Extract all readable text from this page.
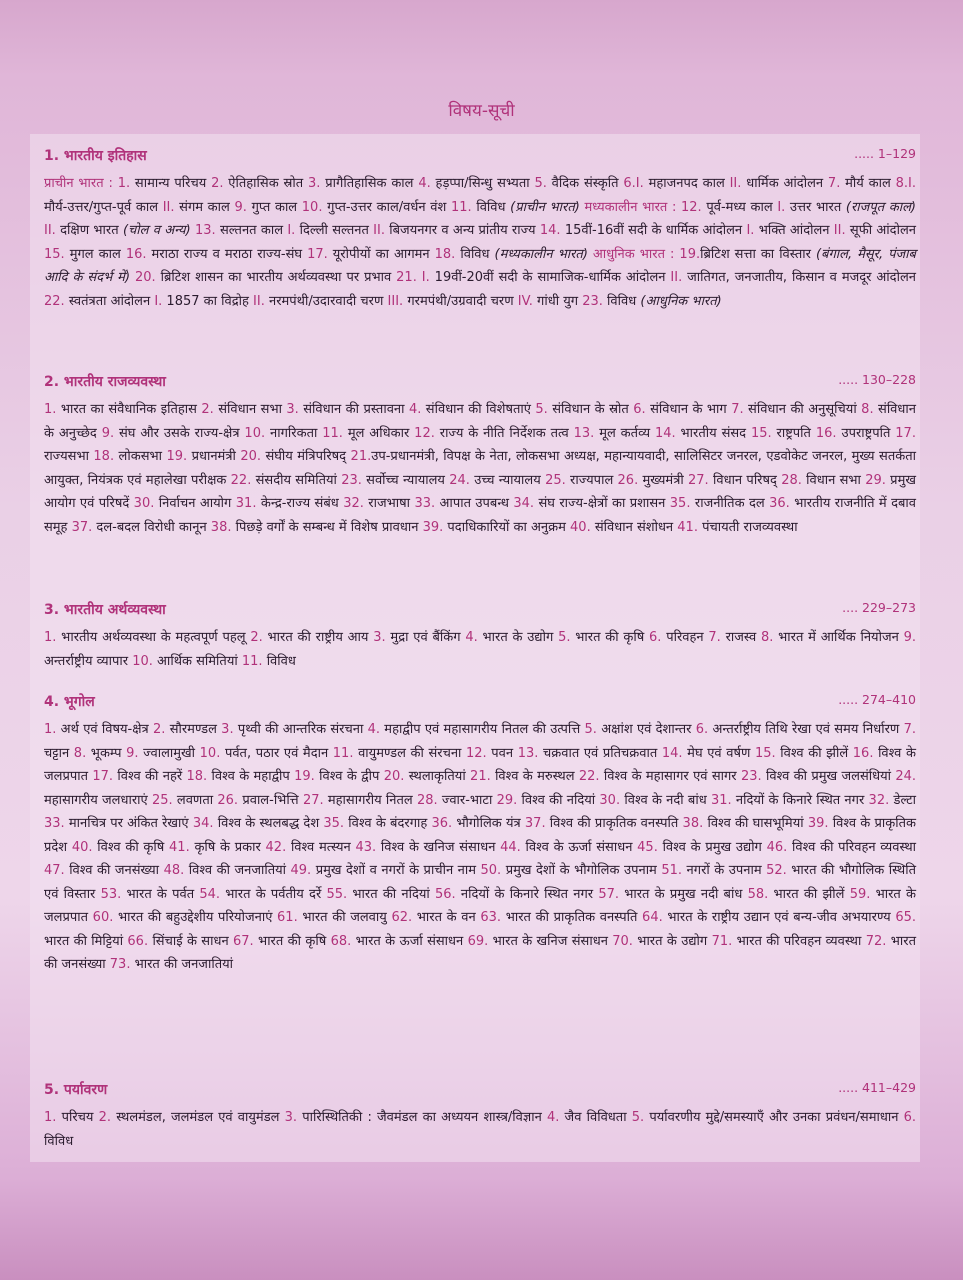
विषय-सूची
1. भारतीय इतिहास	..... 1–129
प्राचीन भारत : 1. सामान्य परिचय 2. ऐतिहासिक स्रोत 3. प्रागैतिहासिक काल 4. हड़प्पा/सिन्धु सभ्यता 5. वैदिक संस्कृति 6.I. महाजनपद काल II. धार्मिक आंदोलन 7. मौर्य काल 8.I. मौर्य-उत्तर/गुप्त-पूर्व काल II. संगम काल 9. गुप्त काल 10. गुप्त-उत्तर काल/वर्धन वंश 11. विविध (प्राचीन भारत) मध्यकालीन भारत : 12. पूर्व-मध्य काल I. उत्तर भारत (राजपूत काल) II. दक्षिण भारत (चोल व अन्य) 13. सल्तनत काल I. दिल्ली सल्तनत II. बिजयनगर व अन्य प्रांतीय राज्य 14. 15वीं-16वीं सदी के धार्मिक आंदोलन I. भक्ति आंदोलन II. सूफी आंदोलन 15. मुगल काल 16. मराठा राज्य व मराठा राज्य-संघ 17. यूरोपीयों का आगमन 18. विविध (मध्यकालीन भारत) आधुनिक भारत : 19.ब्रिटिश सत्ता का विस्तार (बंगाल, मैसूर, पंजाब आदि के संदर्भ में) 20. ब्रिटिश शासन का भारतीय अर्थव्यवस्था पर प्रभाव 21. I. 19वीं-20वीं सदी के सामाजिक-धार्मिक आंदोलन II. जातिगत, जनजातीय, किसान व मजदूर आंदोलन 22. स्वतंत्रता आंदोलन I. 1857 का विद्रोह II. नरमपंथी/उदारवादी चरण III. गरमपंथी/उग्रवादी चरण IV. गांधी युग 23. विविध (आधुनिक भारत)
2. भारतीय राजव्यवस्था	..... 130–228
1. भारत का संवैधानिक इतिहास 2. संविधान सभा 3. संविधान की प्रस्तावना 4. संविधान की विशेषताएं 5. संविधान के स्रोत 6. संविधान के भाग 7. संविधान की अनुसूचियां 8. संविधान के अनुच्छेद 9. संघ और उसके राज्य-क्षेत्र 10. नागरिकता 11. मूल अधिकार 12. राज्य के नीति निर्देशक तत्व 13. मूल कर्तव्य 14. भारतीय संसद 15. राष्ट्रपति 16. उपराष्ट्रपति 17. राज्यसभा 18. लोकसभा 19. प्रधानमंत्री 20. संघीय मंत्रिपरिषद् 21.उप-प्रधानमंत्री, विपक्ष के नेता, लोकसभा अध्यक्ष, महान्यायवादी, सालिसिटर जनरल, एडवोकेट जनरल, मुख्य सतर्कता आयुक्त, नियंत्रक एवं महालेखा परीक्षक 22. संसदीय समितियां 23. सर्वोच्च न्यायालय 24. उच्च न्यायालय 25. राज्यपाल 26. मुख्यमंत्री 27. विधान परिषद् 28. विधान सभा 29. प्रमुख आयोग एवं परिषदें 30. निर्वाचन आयोग 31. केन्द्र-राज्य संबंध 32. राजभाषा 33. आपात उपबन्ध 34. संघ राज्य-क्षेत्रों का प्रशासन 35. राजनीतिक दल 36. भारतीय राजनीति में दबाव समूह 37. दल-बदल विरोधी कानून 38. पिछड़े वर्गों के सम्बन्ध में विशेष प्रावधान 39. पदाधिकारियों का अनुक्रम 40. संविधान संशोधन 41. पंचायती राजव्यवस्था
3. भारतीय अर्थव्यवस्था	.... 229–273
1. भारतीय अर्थव्यवस्था के महत्वपूर्ण पहलू 2. भारत की राष्ट्रीय आय 3. मुद्रा एवं बैंकिंग 4. भारत के उद्योग 5. भारत की कृषि 6. परिवहन 7. राजस्व 8. भारत में आर्थिक नियोजन 9. अन्तर्राष्ट्रीय व्यापार 10. आर्थिक समितियां 11. विविध
4. भूगोल	..... 274–410
1. अर्थ एवं विषय-क्षेत्र 2. सौरमण्डल 3. पृथ्वी की आन्तरिक संरचना 4. महाद्वीप एवं महासागरीय नितल की उत्पत्ति 5. अक्षांश एवं देशान्तर 6. अन्तर्राष्ट्रीय तिथि रेखा एवं समय निर्धारण 7. चट्टान 8. भूकम्प 9. ज्वालामुखी 10. पर्वत, पठार एवं मैदान 11. वायुमण्डल की संरचना 12. पवन 13. चक्रवात एवं प्रतिचक्रवात 14. मेघ एवं वर्षण 15. विश्व की झीलें 16. विश्व के जलप्रपात 17. विश्व की नहरें 18. विश्व के महाद्वीप 19. विश्व के द्वीप 20. स्थलाकृतियां 21. विश्व के मरुस्थल 22. विश्व के महासागर एवं सागर 23. विश्व की प्रमुख जलसंधियां 24. महासागरीय जलधाराएं 25. लवणता 26. प्रवाल-भित्ति 27. महासागरीय नितल 28. ज्वार-भाटा 29. विश्व की नदियां 30. विश्व के नदी बांध 31. नदियों के किनारे स्थित नगर 32. डेल्टा 33. मानचित्र पर अंकित रेखाएं 34. विश्व के स्थलबद्ध देश 35. विश्व के बंदरगाह 36. भौगोलिक यंत्र 37. विश्व की प्राकृतिक वनस्पति 38. विश्व की घासभूमियां 39. विश्व के प्राकृतिक प्रदेश 40. विश्व की कृषि 41. कृषि के प्रकार 42. विश्व मत्स्यन 43. विश्व के खनिज संसाधन 44. विश्व के ऊर्जा संसाधन 45. विश्व के प्रमुख उद्योग 46. विश्व की परिवहन व्यवस्था 47. विश्व की जनसंख्या 48. विश्व की जनजातियां 49. प्रमुख देशों व नगरों के प्राचीन नाम 50. प्रमुख देशों के भौगोलिक उपनाम 51. नगरों के उपनाम 52. भारत की भौगोलिक स्थिति एवं विस्तार 53. भारत के पर्वत 54. भारत के पर्वतीय दर्रे 55. भारत की नदियां 56. नदियों के किनारे स्थित नगर 57. भारत के प्रमुख नदी बांध 58. भारत की झीलें 59. भारत के जलप्रपात 60. भारत की बहुउद्देशीय परियोजनाएं 61. भारत की जलवायु 62. भारत के वन 63. भारत की प्राकृतिक वनस्पति 64. भारत के राष्ट्रीय उद्यान एवं बन्य-जीव अभयारण्य 65. भारत की मिट्टियां 66. सिंचाई के साधन 67. भारत की कृषि 68. भारत के ऊर्जा संसाधन 69. भारत के खनिज संसाधन 70. भारत के उद्योग 71. भारत की परिवहन व्यवस्था 72. भारत की जनसंख्या 73. भारत की जनजातियां
5. पर्यावरण	..... 411–429
1. परिचय 2. स्थलमंडल, जलमंडल एवं वायुमंडल 3. पारिस्थितिकी : जैवमंडल का अध्ययन शास्त्र/विज्ञान 4. जैव विविधता 5. पर्यावरणीय मुद्दे/समस्याएँ और उनका प्रवंधन/समाधान 6. विविध
